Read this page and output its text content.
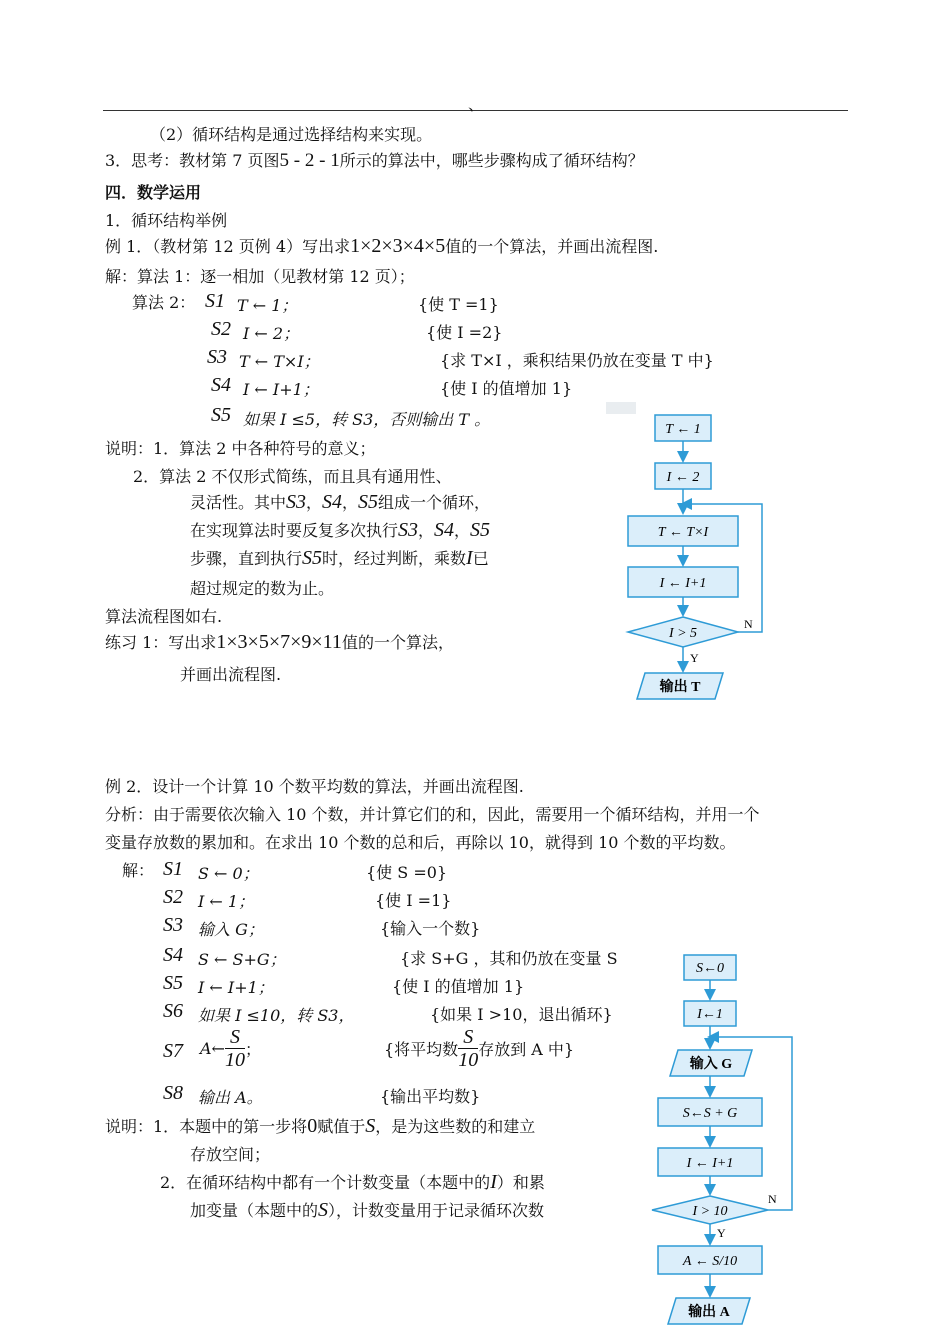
、
（2）循环结构是通过选择结构来实现。
3．思考：教材第 7 页图5 - 2 - 1所示的算法中，哪些步骤构成了循环结构？
四．数学运用
1．循环结构举例
例 1．（教材第 12 页例 4）写出求1×2×3×4×5值的一个算法，并画出流程图.
解：算法 1：逐一相加（见教材第 12 页）；
算法 2： S1 T ← 1；	{使 T =1}
S2 I ← 2；	{使 I =2}
S3 T ← T×I；	{求 T×I ，乘积结果仍放在变量 T 中}
S4 I ← I+1；	{使 I 的值增加 1}
S5 如果 I ≤5，转 S3，否则输出 T 。
说明：1．算法 2 中各种符号的意义；
2．算法 2 不仅形式简练，而且具有通用性、
灵活性。其中S3，S4，S5组成一个循环，
在实现算法时要反复多次执行S3，S4，S5
步骤，直到执行S5时，经过判断，乘数I已
超过规定的数为止。
算法流程图如右.
练习 1：写出求1×3×5×7×9×11值的一个算法，
并画出流程图.
T ← 1
I ← 2
T ← T×I
I ← I+1
I > 5
N
Y
输出 T
例 2．设计一个计算 10 个数平均数的算法，并画出流程图.
分析：由于需要依次输入 10 个数，并计算它们的和，因此，需要用一个循环结构，并用一个
变量存放数的累加和。在求出 10 个数的总和后，再除以 10，就得到 10 个数的平均数。
解： S1 S ← 0；	{使 S =0}
S2 I ← 1；	{使 I =1}
S3 输入 G；	{输入一个数}
S4 S ← S+G；	{求 S+G ，其和仍放在变量 S
S5 I ← I+1；	{使 I 的值增加 1}
S6 如果 I ≤10，转 S3，	{如果 I >10，退出循环}
S7 A← $\frac{S}{10}$ ；	{将平均数 $\frac{S}{10}$ 存放到 A 中}
S8 输出 A。	{输出平均数}
说明：1．本题中的第一步将0赋值于S，是为这些数的和建立
存放空间；
2．在循环结构中都有一个计数变量（本题中的I）和累
加变量（本题中的S），计数变量用于记录循环次数
S←0
I←1
输入 G
S←S + G
I ← I+1
I > 10
N
Y
A ← S/10
输出 A
